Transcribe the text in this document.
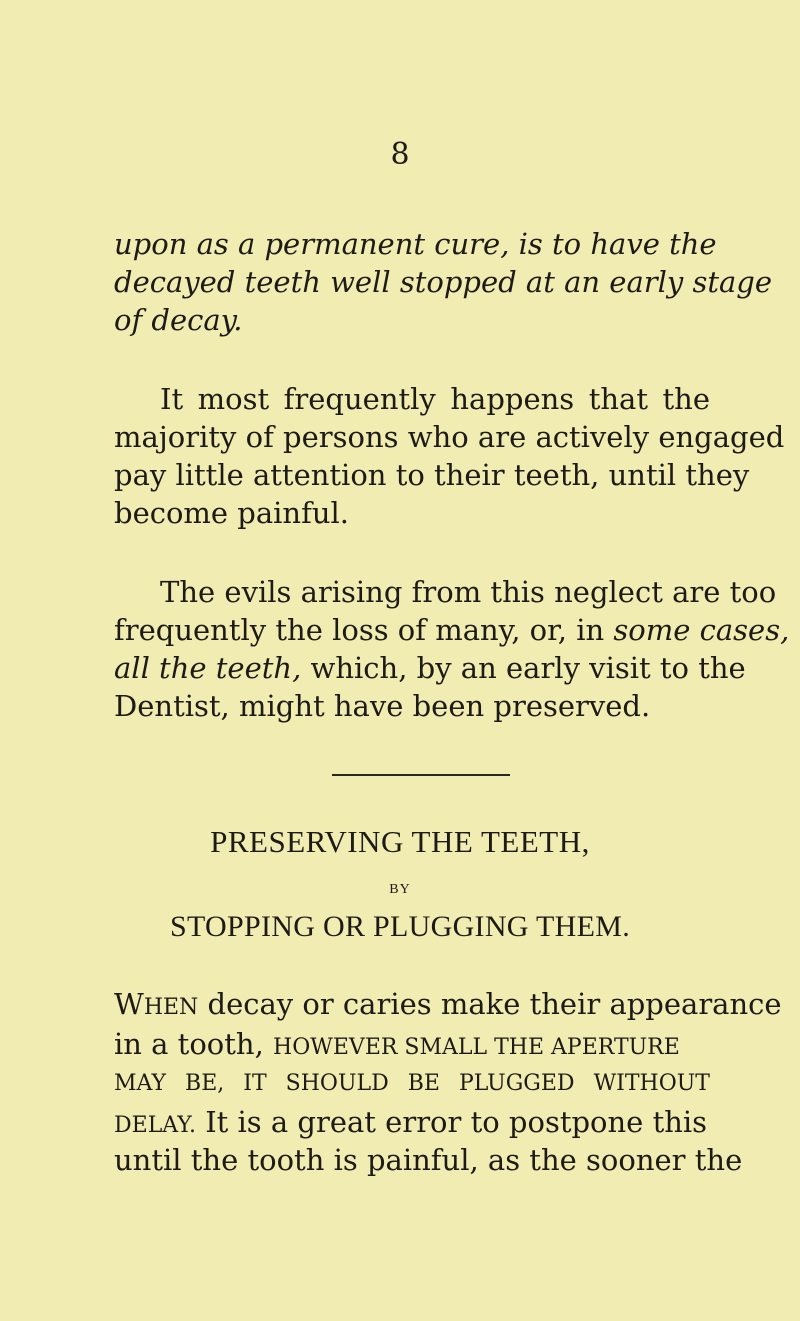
8
upon as a permanent cure, is to have the
decayed teeth well stopped at an early stage
of decay.
It most frequently happens that the
majority of persons who are actively engaged
pay little attention to their teeth, until they
become painful.
The evils arising from this neglect are too
frequently the loss of many, or, in some cases,
all the teeth, which, by an early visit to the
Dentist, might have been preserved.
PRESERVING THE TEETH,
BY
STOPPING OR PLUGGING THEM.
WHEN decay or caries make their appearance
in a tooth, HOWEVER SMALL THE APERTURE
MAY BE, IT SHOULD BE PLUGGED WITHOUT
DELAY. It is a great error to postpone this
until the tooth is painful, as the sooner the
